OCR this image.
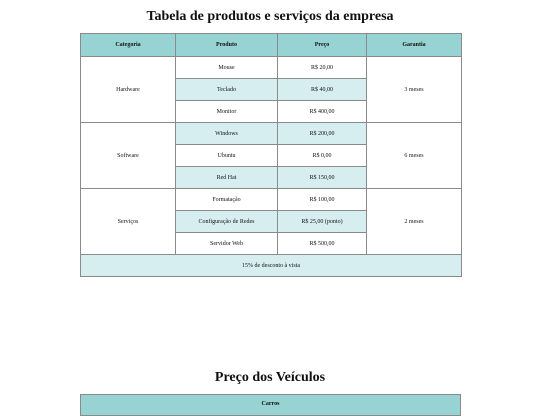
Tabela de produtos e serviços da empresa
Categoria	Produto	Preço	Garantia
Hardware	Mouse	R$ 20,00	3 meses
	Teclado	R$ 40,00	
	Monitor	R$ 400,00	
Software	Windows	R$ 200,00	6 meses
	Ubuntu	R$ 0,00	
	Red Hat	R$ 150,00	
Serviços	Formatação	R$ 100,00	2 meses
	Configuração de Redes	R$ 25,00 (ponto)	
	Servidor Web	R$ 500,00	
15% de desconto à vista			
Preço dos Veículos
Carros
